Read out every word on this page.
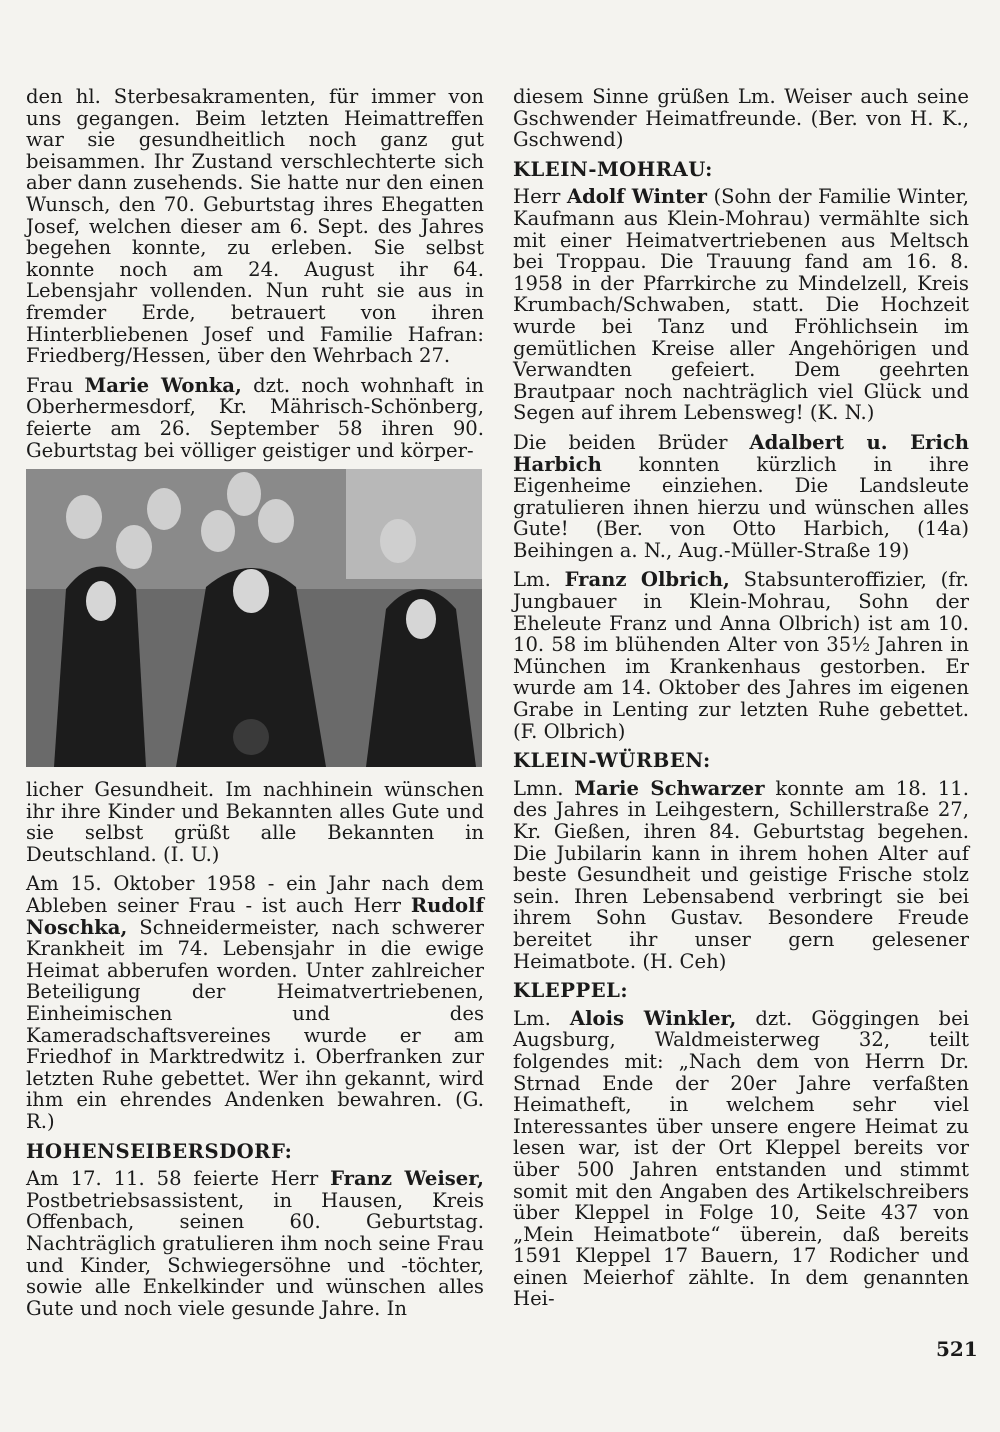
den hl. Sterbesakramenten, für immer von uns gegangen. Beim letzten Heimattreffen war sie gesundheitlich noch ganz gut beisammen. Ihr Zustand verschlechterte sich aber dann zusehends. Sie hatte nur den einen Wunsch, den 70. Geburtstag ihres Ehegatten Josef, welchen dieser am 6. Sept. des Jahres begehen konnte, zu erleben. Sie selbst konnte noch am 24. August ihr 64. Lebensjahr vollenden. Nun ruht sie aus in fremder Erde, betrauert von ihren Hinterbliebenen Josef und Familie Hafran: Friedberg/Hessen, über den Wehrbach 27.

Frau Marie Wonka, dzt. noch wohnhaft in Oberhermesdorf, Kr. Mährisch-Schönberg, feierte am 26. September 58 ihren 90. Geburtstag bei völliger geistiger und körper-

licher Gesundheit. Im nachhinein wünschen ihr ihre Kinder und Bekannten alles Gute und sie selbst grüßt alle Bekannten in Deutschland. (I. U.)

Am 15. Oktober 1958 - ein Jahr nach dem Ableben seiner Frau - ist auch Herr Rudolf Noschka, Schneidermeister, nach schwerer Krankheit im 74. Lebensjahr in die ewige Heimat abberufen worden. Unter zahlreicher Beteiligung der Heimatvertriebenen, Einheimischen und des Kameradschaftsvereines wurde er am Friedhof in Marktredwitz i. Oberfranken zur letzten Ruhe gebettet. Wer ihn gekannt, wird ihm ein ehrendes Andenken bewahren. (G. R.)

HOHENSEIBERSDORF:

Am 17. 11. 58 feierte Herr Franz Weiser, Postbetriebsassistent, in Hausen, Kreis Offenbach, seinen 60. Geburtstag. Nachträglich gratulieren ihm noch seine Frau und Kinder, Schwiegersöhne und -töchter, sowie alle Enkelkinder und wünschen alles Gute und noch viele gesunde Jahre. In

diesem Sinne grüßen Lm. Weiser auch seine Gschwender Heimatfreunde. (Ber. von H. K., Gschwend)

KLEIN-MOHRAU:

Herr Adolf Winter (Sohn der Familie Winter, Kaufmann aus Klein-Mohrau) vermählte sich mit einer Heimatvertriebenen aus Meltsch bei Troppau. Die Trauung fand am 16. 8. 1958 in der Pfarrkirche zu Mindelzell, Kreis Krumbach/Schwaben, statt. Die Hochzeit wurde bei Tanz und Fröhlichsein im gemütlichen Kreise aller Angehörigen und Verwandten gefeiert. Dem geehrten Brautpaar noch nachträglich viel Glück und Segen auf ihrem Lebensweg! (K. N.)

Die beiden Brüder Adalbert u. Erich Harbich konnten kürzlich in ihre Eigenheime einziehen. Die Landsleute gratulieren ihnen hierzu und wünschen alles Gute! (Ber. von Otto Harbich, (14a) Beihingen a. N., Aug.-Müller-Straße 19)

Lm. Franz Olbrich, Stabsunteroffizier, (fr. Jungbauer in Klein-Mohrau, Sohn der Eheleute Franz und Anna Olbrich) ist am 10. 10. 58 im blühenden Alter von 35½ Jahren in München im Krankenhaus gestorben. Er wurde am 14. Oktober des Jahres im eigenen Grabe in Lenting zur letzten Ruhe gebettet. (F. Olbrich)

KLEIN-WÜRBEN:

Lmn. Marie Schwarzer konnte am 18. 11. des Jahres in Leihgestern, Schillerstraße 27, Kr. Gießen, ihren 84. Geburtstag begehen. Die Jubilarin kann in ihrem hohen Alter auf beste Gesundheit und geistige Frische stolz sein. Ihren Lebensabend verbringt sie bei ihrem Sohn Gustav. Besondere Freude bereitet ihr unser gern gelesener Heimatbote. (H. Ceh)

KLEPPEL:

Lm. Alois Winkler, dzt. Göggingen bei Augsburg, Waldmeisterweg 32, teilt folgendes mit: „Nach dem von Herrn Dr. Strnad Ende der 20er Jahre verfaßten Heimatheft, in welchem sehr viel Interessantes über unsere engere Heimat zu lesen war, ist der Ort Kleppel bereits vor über 500 Jahren entstanden und stimmt somit mit den Angaben des Artikelschreibers über Kleppel in Folge 10, Seite 437 von „Mein Heimatbote“ überein, daß bereits 1591 Kleppel 17 Bauern, 17 Rodicher und einen Meierhof zählte. In dem genannten Hei-

521
